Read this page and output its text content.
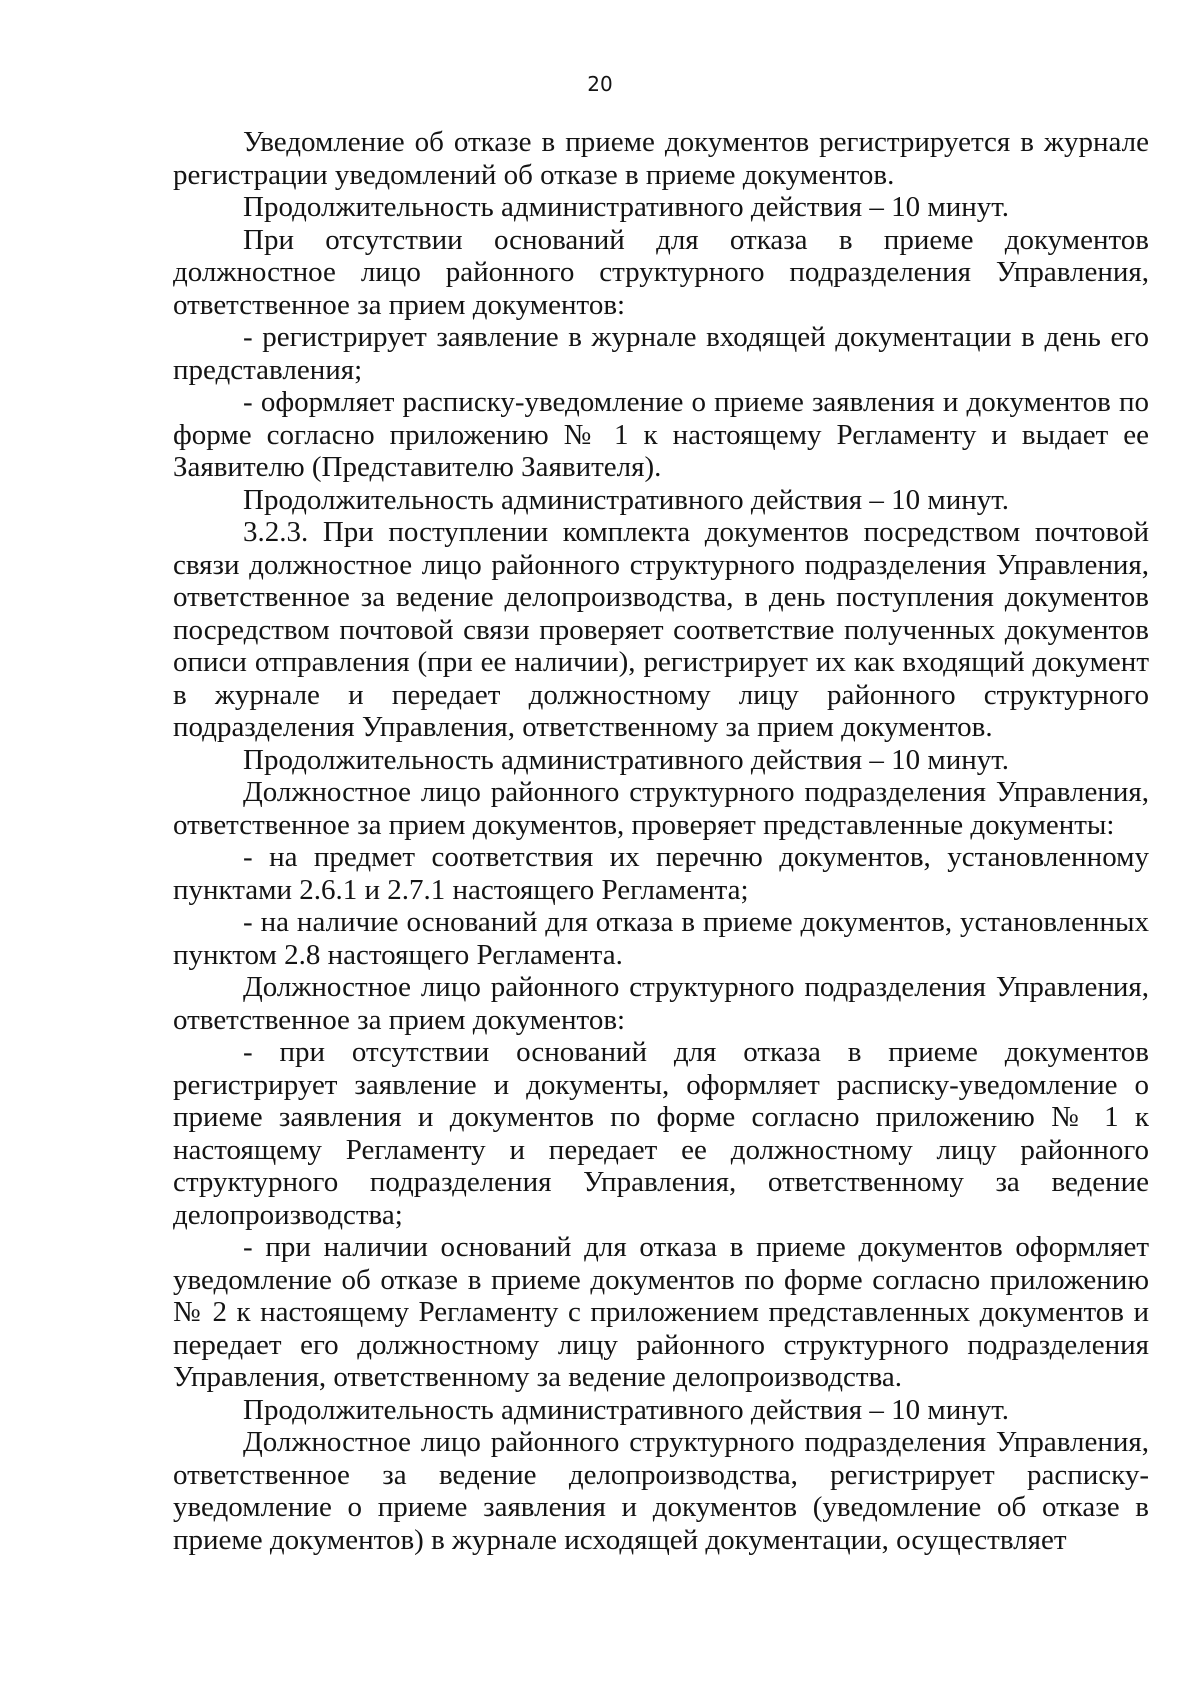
20

Уведомление об отказе в приеме документов регистрируется в журнале регистрации уведомлений об отказе в приеме документов.

Продолжительность административного действия – 10 минут.

При отсутствии оснований для отказа в приеме документов должностное лицо районного структурного подразделения Управления, ответственное за прием документов:

- регистрирует заявление в журнале входящей документации в день его представления;

- оформляет расписку-уведомление о приеме заявления и документов по форме согласно приложению № 1 к настоящему Регламенту и выдает ее Заявителю (Представителю Заявителя).

Продолжительность административного действия – 10 минут.

3.2.3. При поступлении комплекта документов посредством почтовой связи должностное лицо районного структурного подразделения Управления, ответственное за ведение делопроизводства, в день поступления документов посредством почтовой связи проверяет соответствие полученных документов описи отправления (при ее наличии), регистрирует их как входящий документ в журнале и передает должностному лицу районного структурного подразделения Управления, ответственному за прием документов.

Продолжительность административного действия – 10 минут.

Должностное лицо районного структурного подразделения Управления, ответственное за прием документов, проверяет представленные документы:

- на предмет соответствия их перечню документов, установленному пунктами 2.6.1 и 2.7.1 настоящего Регламента;

- на наличие оснований для отказа в приеме документов, установленных пунктом 2.8 настоящего Регламента.

Должностное лицо районного структурного подразделения Управления, ответственное за прием документов:

- при отсутствии оснований для отказа в приеме документов регистрирует заявление и документы, оформляет расписку-уведомление о приеме заявления и документов по форме согласно приложению № 1 к настоящему Регламенту и передает ее должностному лицу районного структурного подразделения Управления, ответственному за ведение делопроизводства;

- при наличии оснований для отказа в приеме документов оформляет уведомление об отказе в приеме документов по форме согласно приложению № 2 к настоящему Регламенту с приложением представленных документов и передает его должностному лицу районного структурного подразделения Управления, ответственному за ведение делопроизводства.

Продолжительность административного действия – 10 минут.

Должностное лицо районного структурного подразделения Управления, ответственное за ведение делопроизводства, регистрирует расписку-уведомление о приеме заявления и документов (уведомление об отказе в приеме документов) в журнале исходящей документации, осуществляет
